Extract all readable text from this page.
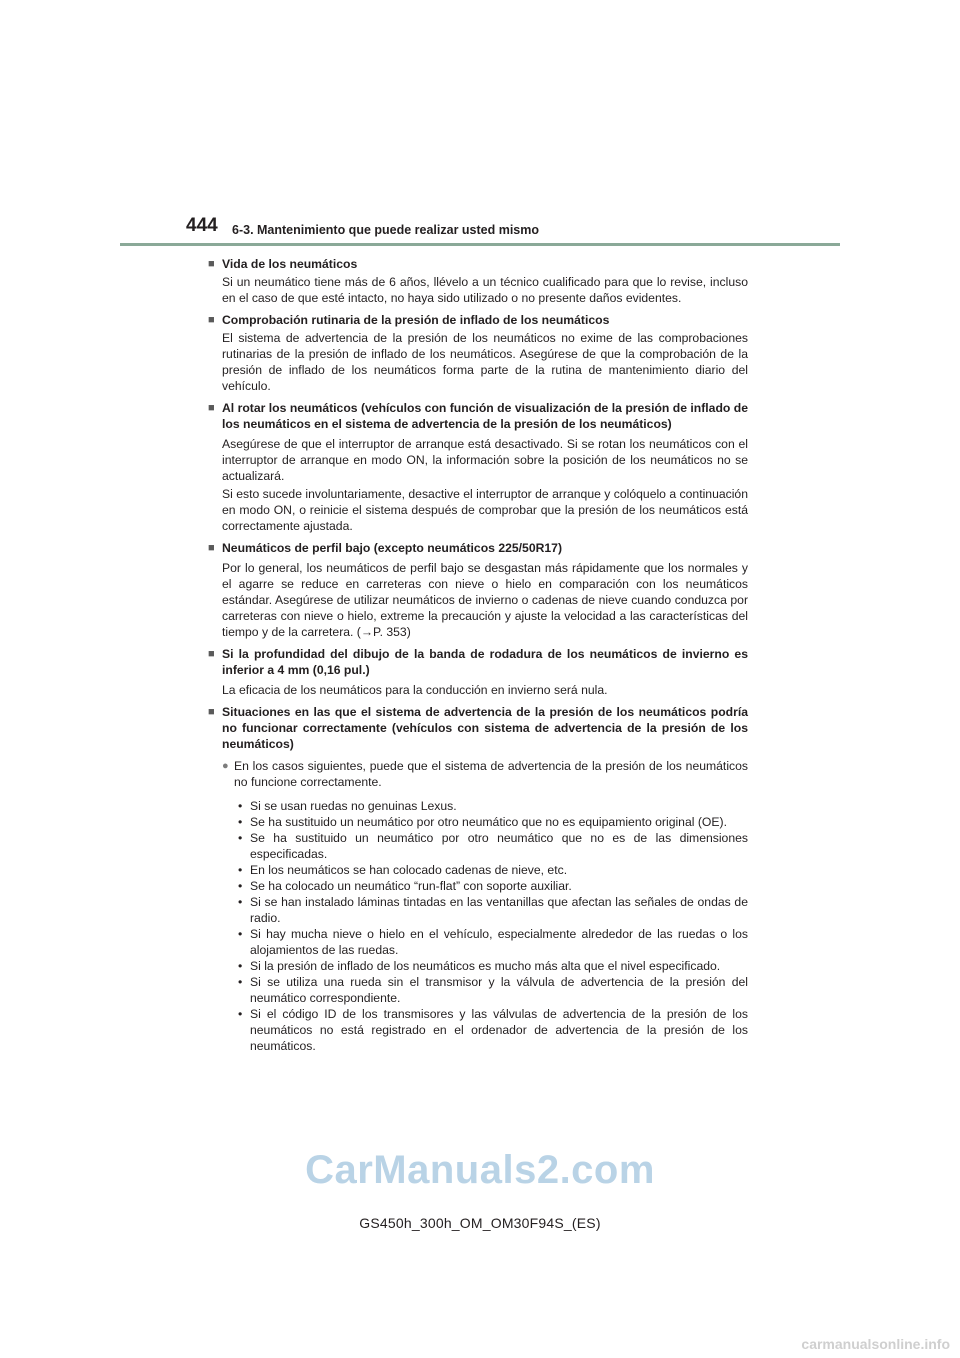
444 6-3. Mantenimiento que puede realizar usted mismo
■ Vida de los neumáticos
Si un neumático tiene más de 6 años, llévelo a un técnico cualificado para que lo revise, incluso en el caso de que esté intacto, no haya sido utilizado o no presente daños evidentes.
■ Comprobación rutinaria de la presión de inflado de los neumáticos
El sistema de advertencia de la presión de los neumáticos no exime de las comprobaciones rutinarias de la presión de inflado de los neumáticos. Asegúrese de que la comprobación de la presión de inflado de los neumáticos forma parte de la rutina de mantenimiento diario del vehículo.
■ Al rotar los neumáticos (vehículos con función de visualización de la presión de inflado de los neumáticos en el sistema de advertencia de la presión de los neumáticos)
Asegúrese de que el interruptor de arranque está desactivado. Si se rotan los neumáticos con el interruptor de arranque en modo ON, la información sobre la posición de los neumáticos no se actualizará.
Si esto sucede involuntariamente, desactive el interruptor de arranque y colóquelo a continuación en modo ON, o reinicie el sistema después de comprobar que la presión de los neumáticos está correctamente ajustada.
■ Neumáticos de perfil bajo (excepto neumáticos 225/50R17)
Por lo general, los neumáticos de perfil bajo se desgastan más rápidamente que los normales y el agarre se reduce en carreteras con nieve o hielo en comparación con los neumáticos estándar. Asegúrese de utilizar neumáticos de invierno o cadenas de nieve cuando conduzca por carreteras con nieve o hielo, extreme la precaución y ajuste la velocidad a las características del tiempo y de la carretera. (→P. 353)
■ Si la profundidad del dibujo de la banda de rodadura de los neumáticos de invierno es inferior a 4 mm (0,16 pul.)
La eficacia de los neumáticos para la conducción en invierno será nula.
■ Situaciones en las que el sistema de advertencia de la presión de los neumáticos podría no funcionar correctamente (vehículos con sistema de advertencia de la presión de los neumáticos)
● En los casos siguientes, puede que el sistema de advertencia de la presión de los neumáticos no funcione correctamente.
• Si se usan ruedas no genuinas Lexus.
• Se ha sustituido un neumático por otro neumático que no es equipamiento original (OE).
• Se ha sustituido un neumático por otro neumático que no es de las dimensiones especificadas.
• En los neumáticos se han colocado cadenas de nieve, etc.
• Se ha colocado un neumático “run-flat” con soporte auxiliar.
• Si se han instalado láminas tintadas en las ventanillas que afectan las señales de ondas de radio.
• Si hay mucha nieve o hielo en el vehículo, especialmente alrededor de las ruedas o los alojamientos de las ruedas.
• Si la presión de inflado de los neumáticos es mucho más alta que el nivel especificado.
• Si se utiliza una rueda sin el transmisor y la válvula de advertencia de la presión del neumático correspondiente.
• Si el código ID de los transmisores y las válvulas de advertencia de la presión de los neumáticos no está registrado en el ordenador de advertencia de la presión de los neumáticos.
CarManuals2.com
GS450h_300h_OM_OM30F94S_(ES)
carmanualsonline.info
